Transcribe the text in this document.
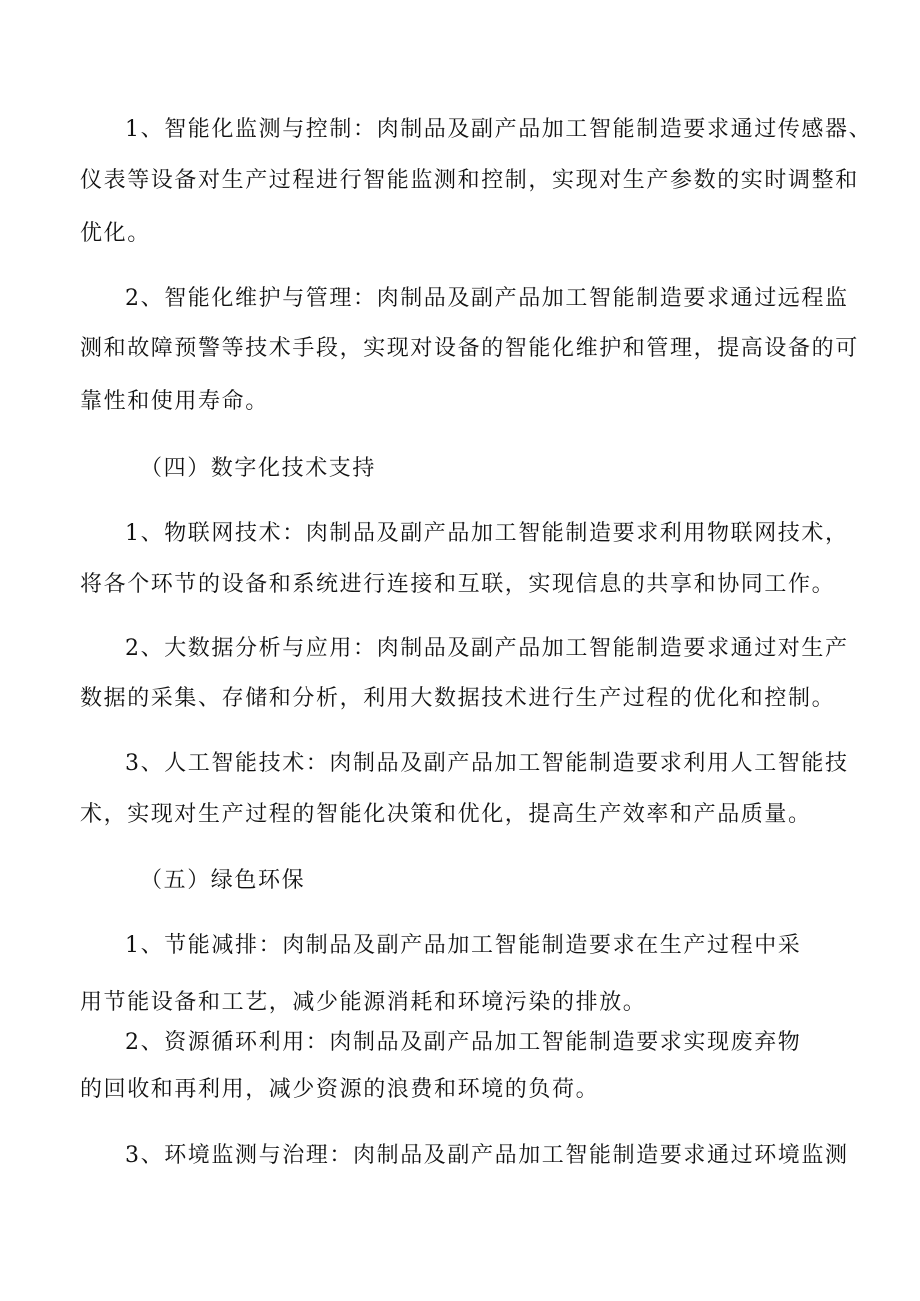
1、智能化监测与控制：肉制品及副产品加工智能制造要求通过传感器、
仪表等设备对生产过程进行智能监测和控制，实现对生产参数的实时调整和
优化。
2、智能化维护与管理：肉制品及副产品加工智能制造要求通过远程监
测和故障预警等技术手段，实现对设备的智能化维护和管理，提高设备的可
靠性和使用寿命。
（四）数字化技术支持
1、物联网技术：肉制品及副产品加工智能制造要求利用物联网技术，
将各个环节的设备和系统进行连接和互联，实现信息的共享和协同工作。
2、大数据分析与应用：肉制品及副产品加工智能制造要求通过对生产
数据的采集、存储和分析，利用大数据技术进行生产过程的优化和控制。
3、人工智能技术：肉制品及副产品加工智能制造要求利用人工智能技
术，实现对生产过程的智能化决策和优化，提高生产效率和产品质量。
（五）绿色环保
1、节能减排：肉制品及副产品加工智能制造要求在生产过程中采
用节能设备和工艺，减少能源消耗和环境污染的排放。
2、资源循环利用：肉制品及副产品加工智能制造要求实现废弃物
的回收和再利用，减少资源的浪费和环境的负荷。
3、环境监测与治理：肉制品及副产品加工智能制造要求通过环境监测
